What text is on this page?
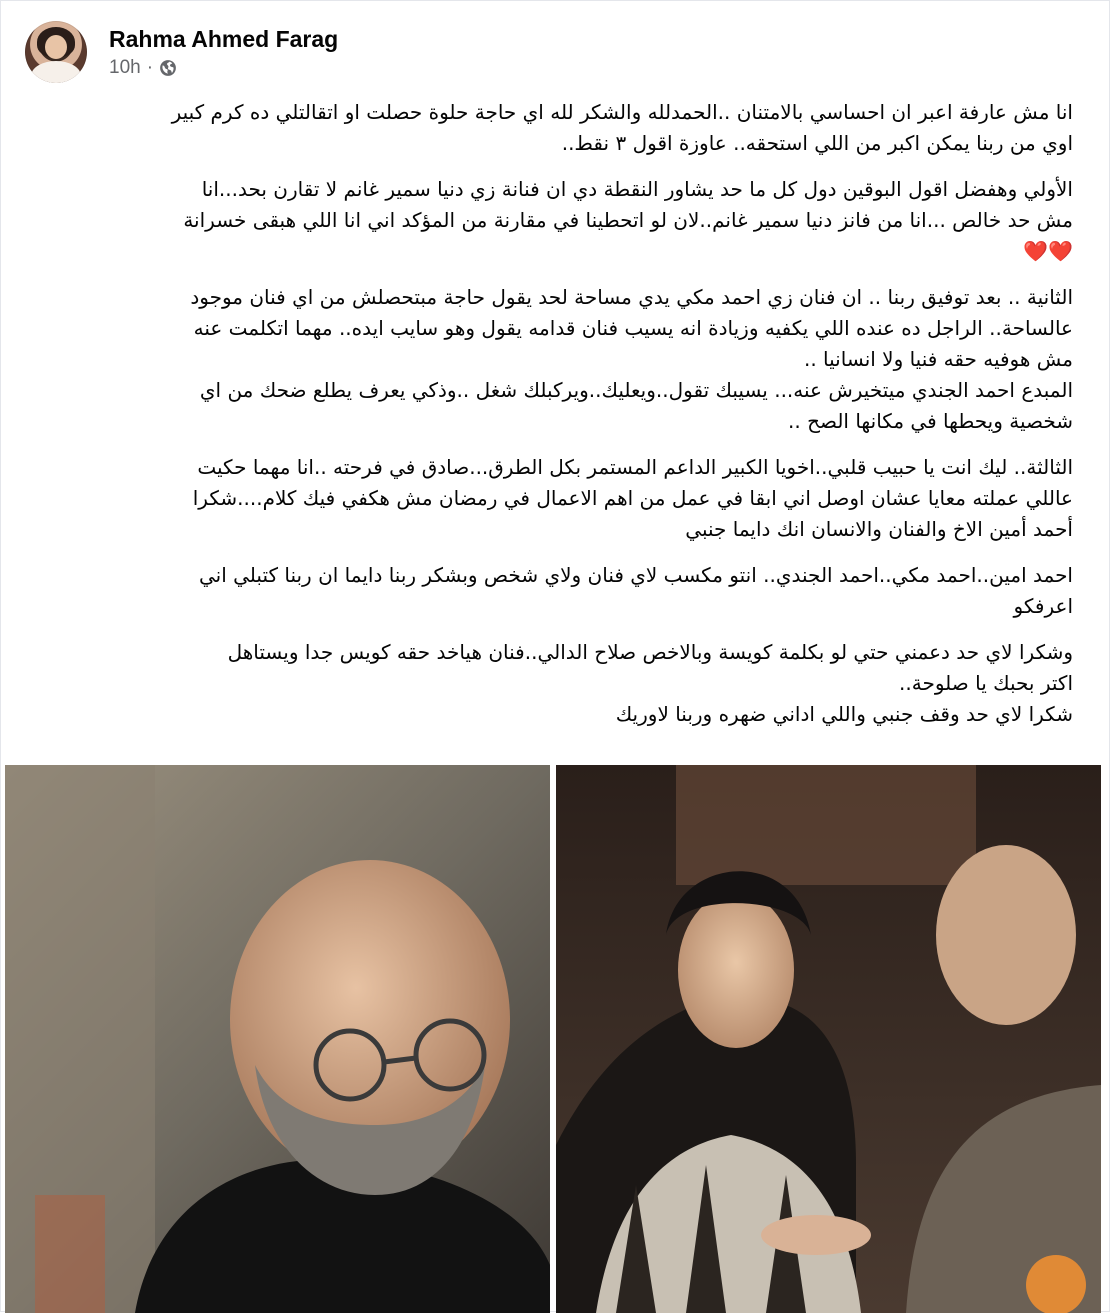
Rahma Ahmed Farag
10h ·
انا مش عارفة اعبر ان احساسي بالامتنان ..الحمدلله والشكر لله اي حاجة حلوة حصلت او اتقالتلي ده كرم كبير
اوي من ربنا يمكن اكبر من اللي استحقه.. عاوزة اقول ٣ نقط..
الأولي وهفضل اقول البوقين دول كل ما حد يشاور النقطة دي ان فنانة زي دنيا سمير غانم لا تقارن بحد...انا
مش حد خالص ...انا من فانز دنيا سمير غانم..لان لو اتحطينا في مقارنة من المؤكد اني انا اللي هبقى خسرانة
❤️❤️
الثانية .. بعد توفيق ربنا .. ان فنان زي احمد مكي يدي مساحة لحد يقول حاجة مبتحصلش من اي فنان موجود
عالساحة.. الراجل ده عنده اللي يكفيه وزيادة انه يسيب فنان قدامه يقول وهو سايب ايده.. مهما اتكلمت عنه
مش هوفيه حقه فنيا ولا انسانيا ..
المبدع احمد الجندي ميتخيرش عنه... يسيبك تقول..ويعليك..ويركبلك شغل ..وذكي يعرف يطلع ضحك من اي
شخصية ويحطها في مكانها الصح ..
الثالثة.. ليك انت يا حبيب قلبي..اخويا الكبير الداعم المستمر بكل الطرق...صادق في فرحته ..انا مهما حكيت
عاللي عملته معايا عشان اوصل اني ابقا في عمل من اهم الاعمال في رمضان مش هكفي فيك كلام....شكرا
أحمد أمين الاخ والفنان والانسان انك دايما جنبي
احمد امين..احمد مكي..احمد الجندي.. انتو مكسب لاي فنان ولاي شخص وبشكر ربنا دايما ان ربنا كتبلي اني
اعرفكو
وشكرا لاي حد دعمني حتي لو بكلمة كويسة وبالاخص صلاح الدالي..فنان هياخد حقه كويس جدا ويستاهل
اكتر بحبك يا صلوحة..
شكرا لاي حد وقف جنبي واللي اداني ضهره وربنا لاوريك
